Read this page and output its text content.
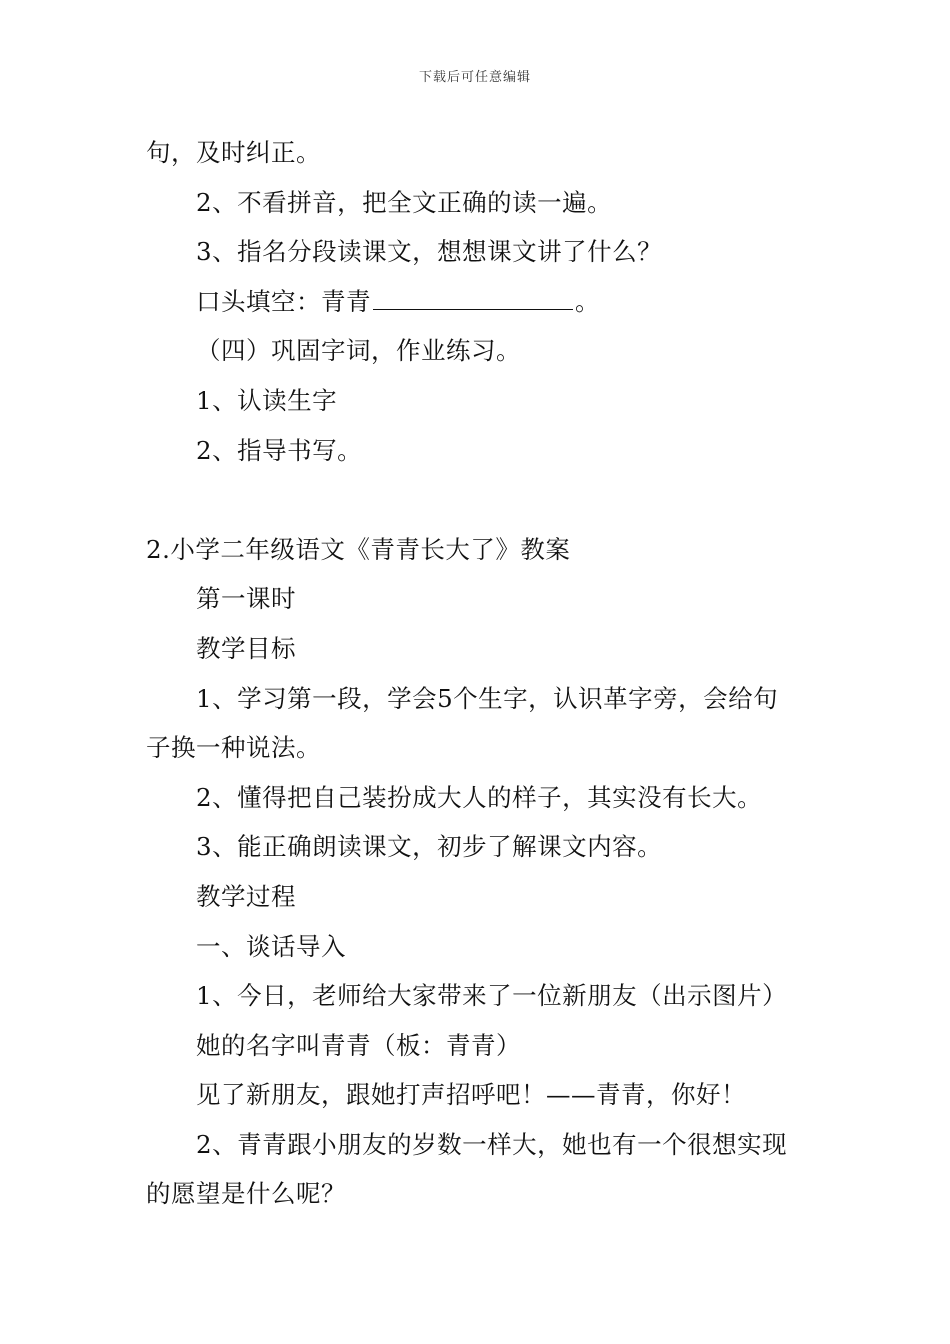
下载后可任意编辑
句，及时纠正。
2、不看拼音，把全文正确的读一遍。
3、指名分段读课文，想想课文讲了什么？
口头填空：青青	。
（四）巩固字词，作业练习。
1、认读生字
2、指导书写。
2.小学二年级语文《青青长大了》教案
第一课时
教学目标
1、学习第一段，学会5个生字，认识革字旁，会给句
子换一种说法。
2、懂得把自己装扮成大人的样子，其实没有长大。
3、能正确朗读课文，初步了解课文内容。
教学过程
一、谈话导入
1、今日，老师给大家带来了一位新朋友（出示图片）
她的名字叫青青（板：青青）
见了新朋友，跟她打声招呼吧！——青青，你好！
2、青青跟小朋友的岁数一样大，她也有一个很想实现
的愿望是什么呢？
